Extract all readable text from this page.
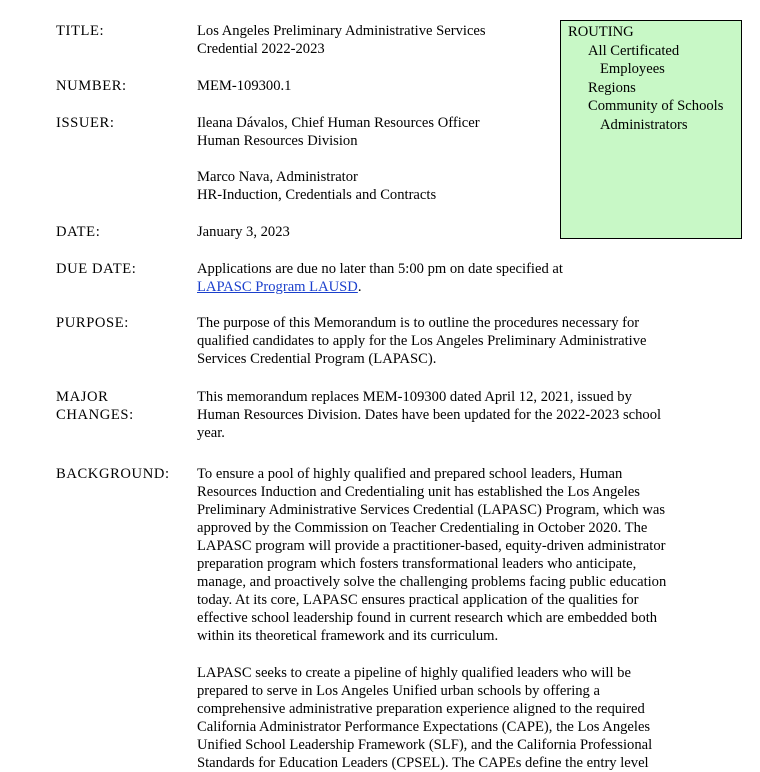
TITLE:	Los Angeles Preliminary Administrative Services
Credential 2022-2023
ROUTING
All Certificated
Employees
Regions
Community of Schools
Administrators
NUMBER:	MEM-109300.1
ISSUER:	Ileana Dávalos, Chief Human Resources Officer
Human Resources Division
Marco Nava, Administrator
HR-Induction, Credentials and Contracts
DATE:	January 3, 2023
DUE DATE:	Applications are due no later than 5:00 pm on date specified at
LAPASC Program LAUSD.
PURPOSE:	The purpose of this Memorandum is to outline the procedures necessary for
qualified candidates to apply for the Los Angeles Preliminary Administrative
Services Credential Program (LAPASC).
MAJOR
CHANGES:
This memorandum replaces MEM-109300 dated April 12, 2021, issued by
Human Resources Division. Dates have been updated for the 2022-2023 school
year.
BACKGROUND: To ensure a pool of highly qualified and prepared school leaders, Human
Resources Induction and Credentialing unit has established the Los Angeles
Preliminary Administrative Services Credential (LAPASC) Program, which was
approved by the Commission on Teacher Credentialing in October 2020. The
LAPASC program will provide a practitioner-based, equity-driven administrator
preparation program which fosters transformational leaders who anticipate,
manage, and proactively solve the challenging problems facing public education
today. At its core, LAPASC ensures practical application of the qualities for
effective school leadership found in current research which are embedded both
within its theoretical framework and its curriculum.
LAPASC seeks to create a pipeline of highly qualified leaders who will be
prepared to serve in Los Angeles Unified urban schools by offering a
comprehensive administrative preparation experience aligned to the required
California Administrator Performance Expectations (CAPE), the Los Angeles
Unified School Leadership Framework (SLF), and the California Professional
Standards for Education Leaders (CPSEL). The CAPEs define the entry level
